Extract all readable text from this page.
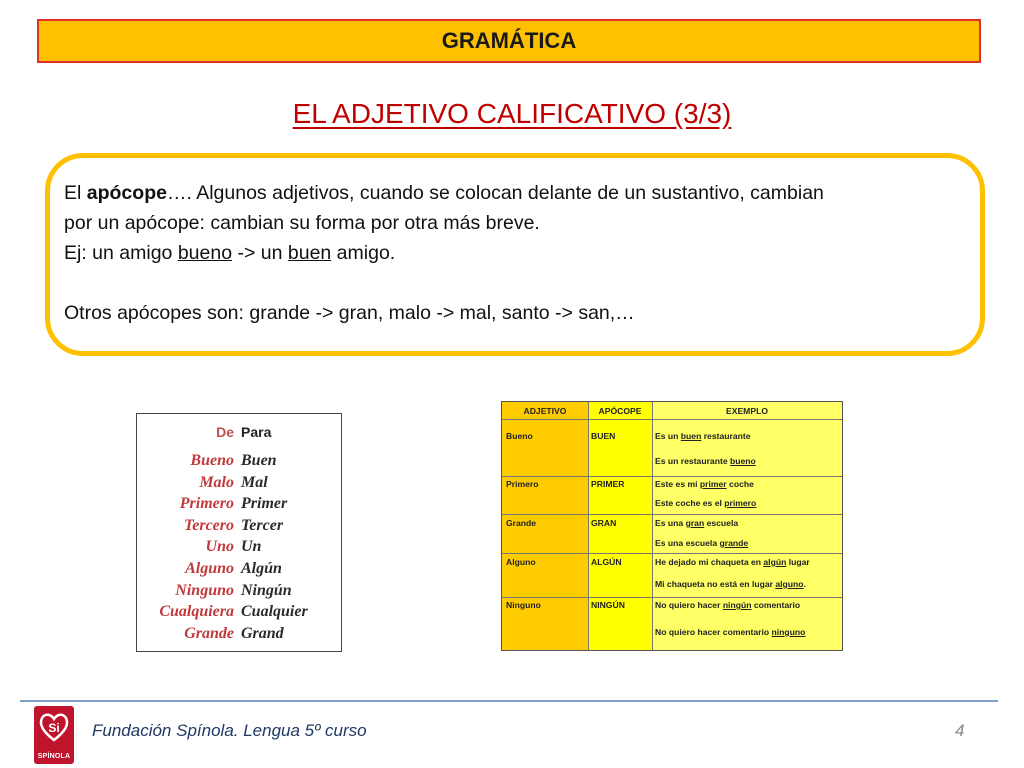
GRAMÁTICA
EL ADJETIVO CALIFICATIVO (3/3)

El apócope…. Algunos adjetivos, cuando se colocan delante de un sustantivo, cambian

por un apócope: cambian su forma por otra más breve.

Ej: un amigo bueno -> un buen amigo.

Otros apócopes son: grande -> gran, malo -> mal, santo -> san,…

De Para
Bueno Buen
Malo Mal
Primero Primer
Tercero Tercer
Uno Un
Alguno Algún
Ninguno Ningún
Cualquiera Cualquier
Grande Grand
ADJETIVO	APÓCOPE	EXEMPLO
Bueno	BUEN	Es un buen restaurante
Es un restaurante bueno
Primero	PRIMER	Este es mi primer coche
Este coche es el primero
Grande	GRAN	Es una gran escuela
Es una escuela grande
Alguno	ALGÚN	He dejado mi chaqueta en algún lugar
Mi chaqueta no está en lugar alguno.
Ninguno	NINGÚN	No quiero hacer ningún comentario
No quiero hacer comentario ninguno
Si
SPÍNOLA
Fundación Spínola. Lengua 5º curso	4
